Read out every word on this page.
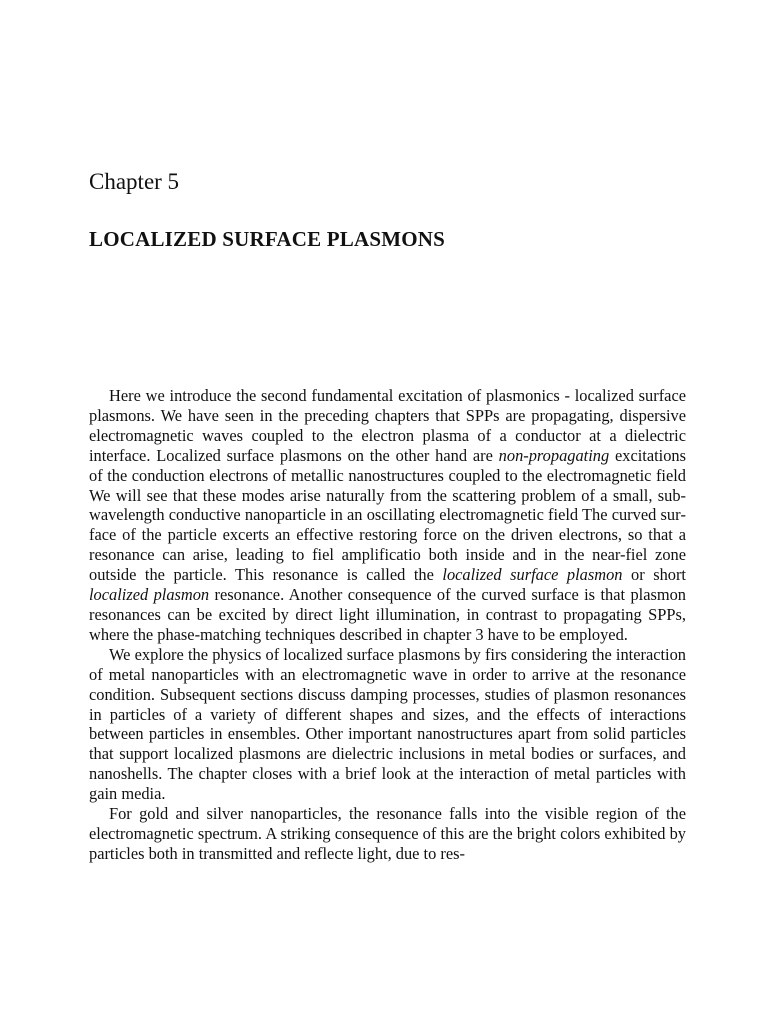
Chapter 5
LOCALIZED SURFACE PLASMONS

Here we introduce the second fundamental excitation of plasmonics - localized surface plasmons. We have seen in the preceding chapters that SPPs are propagating, dispersive electromagnetic waves coupled to the electron plasma of a conductor at a dielectric interface. Localized surface plasmons on the other hand are non-propagating excitations of the conduction electrons of metallic nanostructures coupled to the electromagnetic field We will see that these modes arise naturally from the scattering problem of a small, sub-wavelength conductive nanoparticle in an oscillating electromagnetic field The curved surface of the particle excerts an effective restoring force on the driven electrons, so that a resonance can arise, leading to fiel amplificatio both inside and in the near-fiel zone outside the particle. This resonance is called the localized surface plasmon or short localized plasmon resonance. Another consequence of the curved surface is that plasmon resonances can be excited by direct light illumination, in contrast to propagating SPPs, where the phase-matching techniques described in chapter 3 have to be employed.

We explore the physics of localized surface plasmons by firs considering the interaction of metal nanoparticles with an electromagnetic wave in order to arrive at the resonance condition. Subsequent sections discuss damping processes, studies of plasmon resonances in particles of a variety of different shapes and sizes, and the effects of interactions between particles in ensembles. Other important nanostructures apart from solid particles that support localized plasmons are dielectric inclusions in metal bodies or surfaces, and nanoshells. The chapter closes with a brief look at the interaction of metal particles with gain media.

For gold and silver nanoparticles, the resonance falls into the visible region of the electromagnetic spectrum. A striking consequence of this are the bright colors exhibited by particles both in transmitted and reflecte light, due to res-
